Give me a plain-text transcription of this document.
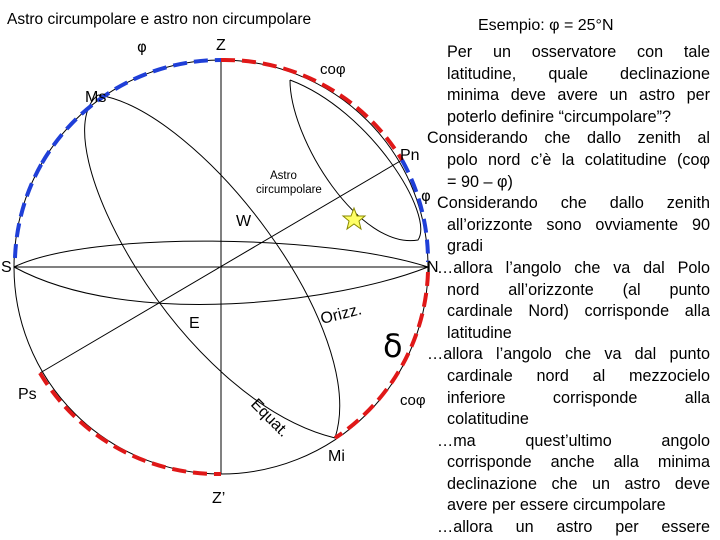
Orizz.
Equat.
Astro circumpolare e astro non circumpolare
φ	Z
coφ
Ms
Pn
Astro
circumpolare	φ
W
S	N
E
δ
Ps	coφ
Mi
Z’
Esempio: φ = 25°N

Per un osservatore con tale

latitudine, quale declinazione

minima deve avere un astro per

poterlo definire “circumpolare”?

Considerando che dallo zenith al

polo nord c’è la colatitudine (coφ

= 90 – φ)

Considerando che dallo zenith

all’orizzonte sono ovviamente 90

gradi

…allora l’angolo che va dal Polo

nord all’orizzonte (al punto

cardinale Nord) corrisponde alla

latitudine

…allora l’angolo che va dal punto

cardinale nord al mezzocielo

inferiore corrisponde alla

colatitudine

…ma quest’ultimo angolo

corrisponde anche alla minima

declinazione che un astro deve

avere per essere circumpolare

…allora un astro per essere
